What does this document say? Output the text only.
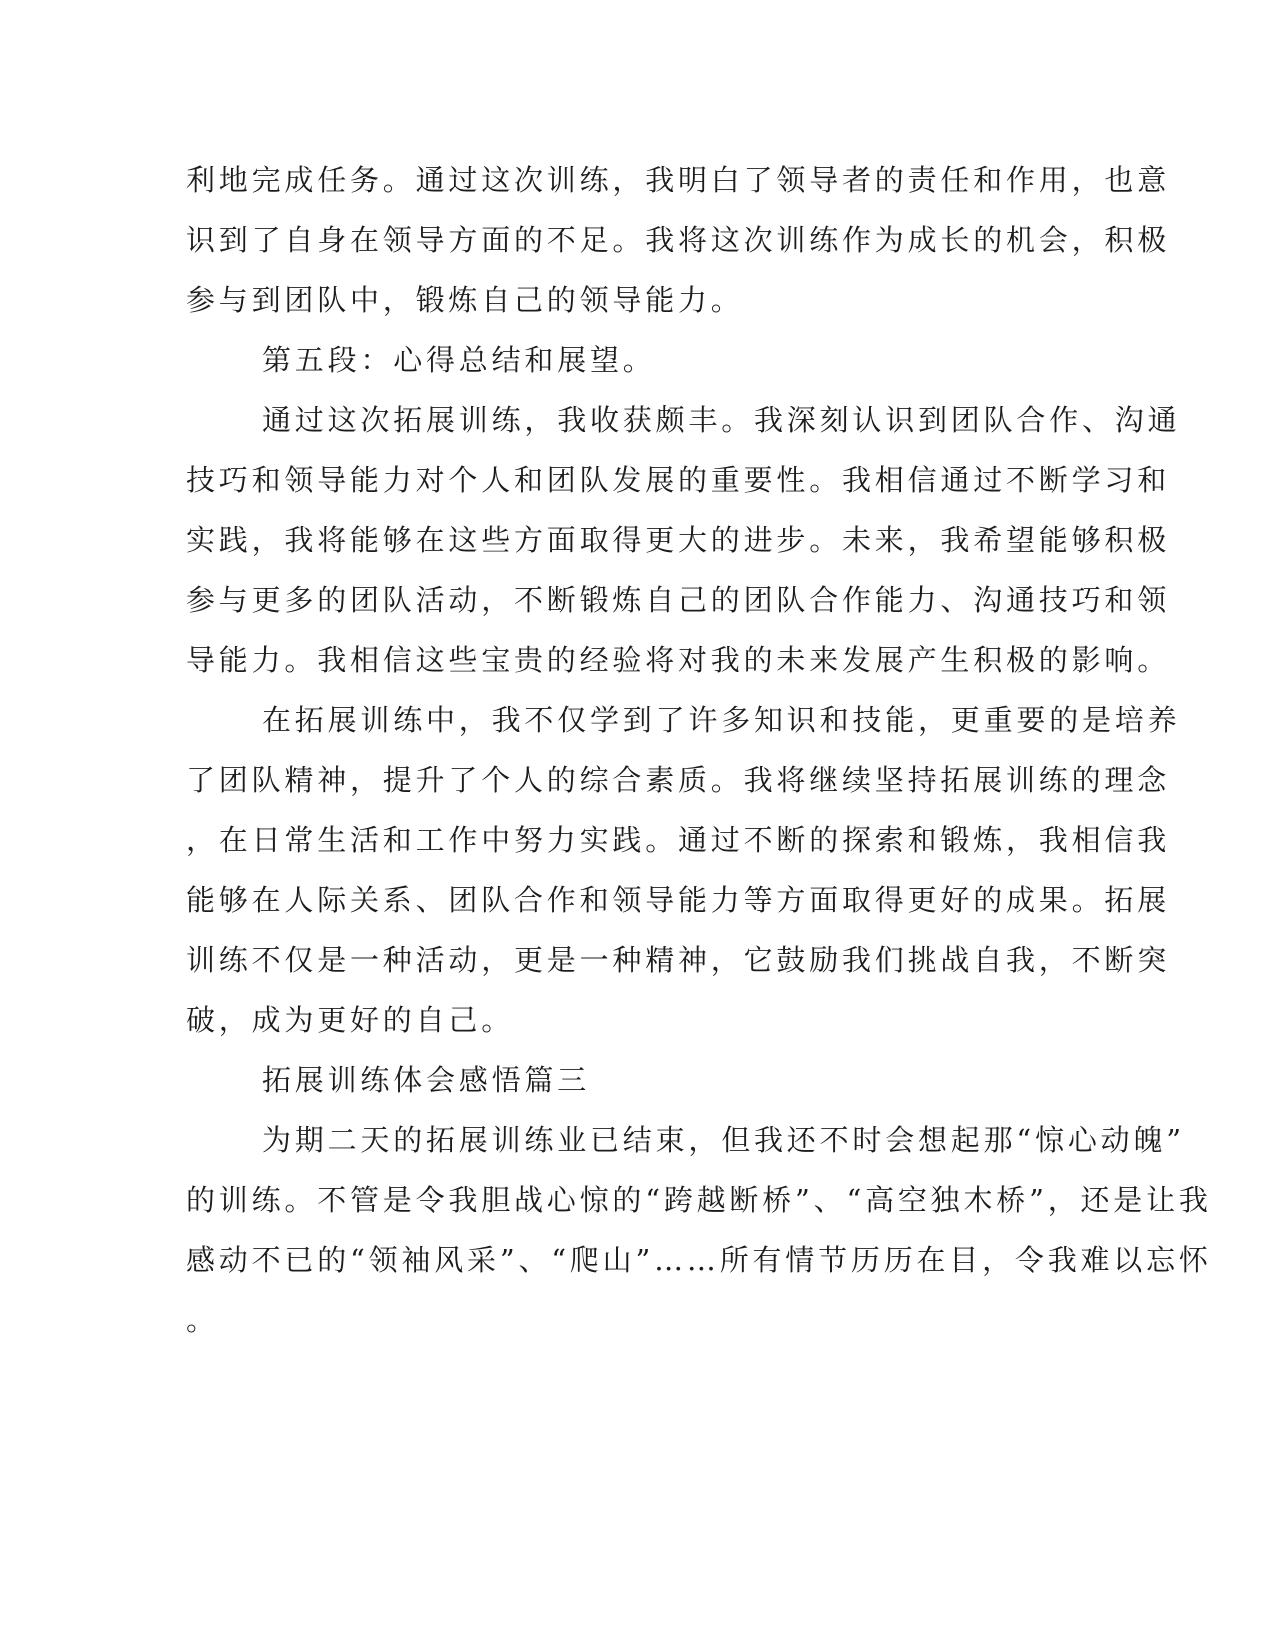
利地完成任务。通过这次训练，我明白了领导者的责任和作用，也意
识到了自身在领导方面的不足。我将这次训练作为成长的机会，积极
参与到团队中，锻炼自己的领导能力。
第五段：心得总结和展望。
通过这次拓展训练，我收获颇丰。我深刻认识到团队合作、沟通
技巧和领导能力对个人和团队发展的重要性。我相信通过不断学习和
实践，我将能够在这些方面取得更大的进步。未来，我希望能够积极
参与更多的团队活动，不断锻炼自己的团队合作能力、沟通技巧和领
导能力。我相信这些宝贵的经验将对我的未来发展产生积极的影响。
在拓展训练中，我不仅学到了许多知识和技能，更重要的是培养
了团队精神，提升了个人的综合素质。我将继续坚持拓展训练的理念
，在日常生活和工作中努力实践。通过不断的探索和锻炼，我相信我
能够在人际关系、团队合作和领导能力等方面取得更好的成果。拓展
训练不仅是一种活动，更是一种精神，它鼓励我们挑战自我，不断突
破，成为更好的自己。
拓展训练体会感悟篇三
为期二天的拓展训练业已结束，但我还不时会想起那“惊心动魄”
的训练。不管是令我胆战心惊的“跨越断桥”、“高空独木桥”，还是让我
感动不已的“领袖风采”、“爬山”……所有情节历历在目，令我难以忘怀
。
